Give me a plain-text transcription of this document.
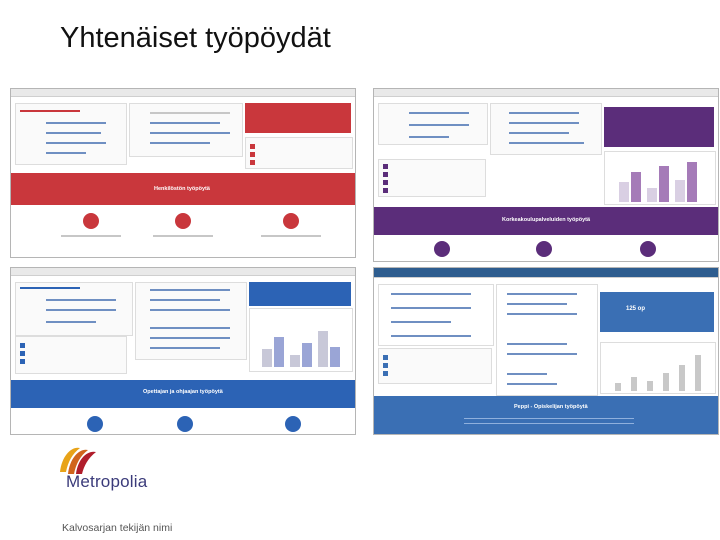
Yhtenäiset työpöydät
Henkilöstön työpöytä
Korkeakoulupalveluiden työpöytä
Opettajan ja ohjaajan työpöytä
125 op
Peppi - Opiskelijan työpöytä
Metropolia
Kalvosarjan tekijän nimi
